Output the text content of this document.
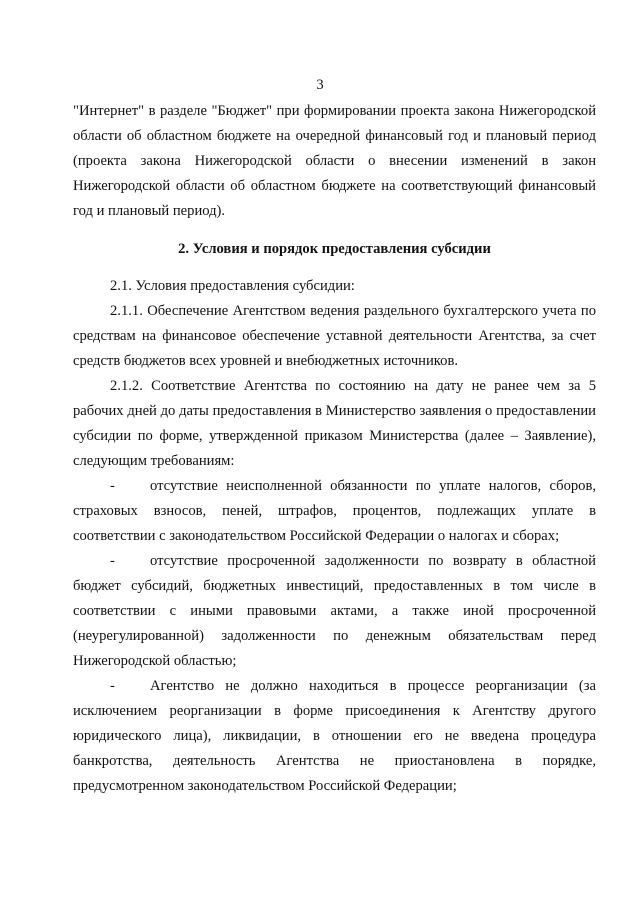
3

"Интернет" в разделе "Бюджет" при формировании проекта закона Нижегородской области об областном бюджете на очередной финансовый год и плановый период (проекта закона Нижегородской области о внесении изменений в закон Нижегородской области об областном бюджете на соответствующий финансовый год и плановый период).

2. Условия и порядок предоставления субсидии

2.1. Условия предоставления субсидии:

2.1.1. Обеспечение Агентством ведения раздельного бухгалтерского учета по средствам на финансовое обеспечение уставной деятельности Агентства, за счет средств бюджетов всех уровней и внебюджетных источников.

2.1.2. Соответствие Агентства по состоянию на дату не ранее чем за 5 рабочих дней до даты предоставления в Министерство заявления о предоставлении субсидии по форме, утвержденной приказом Министерства (далее – Заявление), следующим требованиям:

- отсутствие неисполненной обязанности по уплате налогов, сборов, страховых взносов, пеней, штрафов, процентов, подлежащих уплате в соответствии с законодательством Российской Федерации о налогах и сборах;

- отсутствие просроченной задолженности по возврату в областной бюджет субсидий, бюджетных инвестиций, предоставленных в том числе в соответствии с иными правовыми актами, а также иной просроченной (неурегулированной) задолженности по денежным обязательствам перед Нижегородской областью;

- Агентство не должно находиться в процессе реорганизации (за исключением реорганизации в форме присоединения к Агентству другого юридического лица), ликвидации, в отношении его не введена процедура банкротства, деятельность Агентства не приостановлена в порядке, предусмотренном законодательством Российской Федерации;
